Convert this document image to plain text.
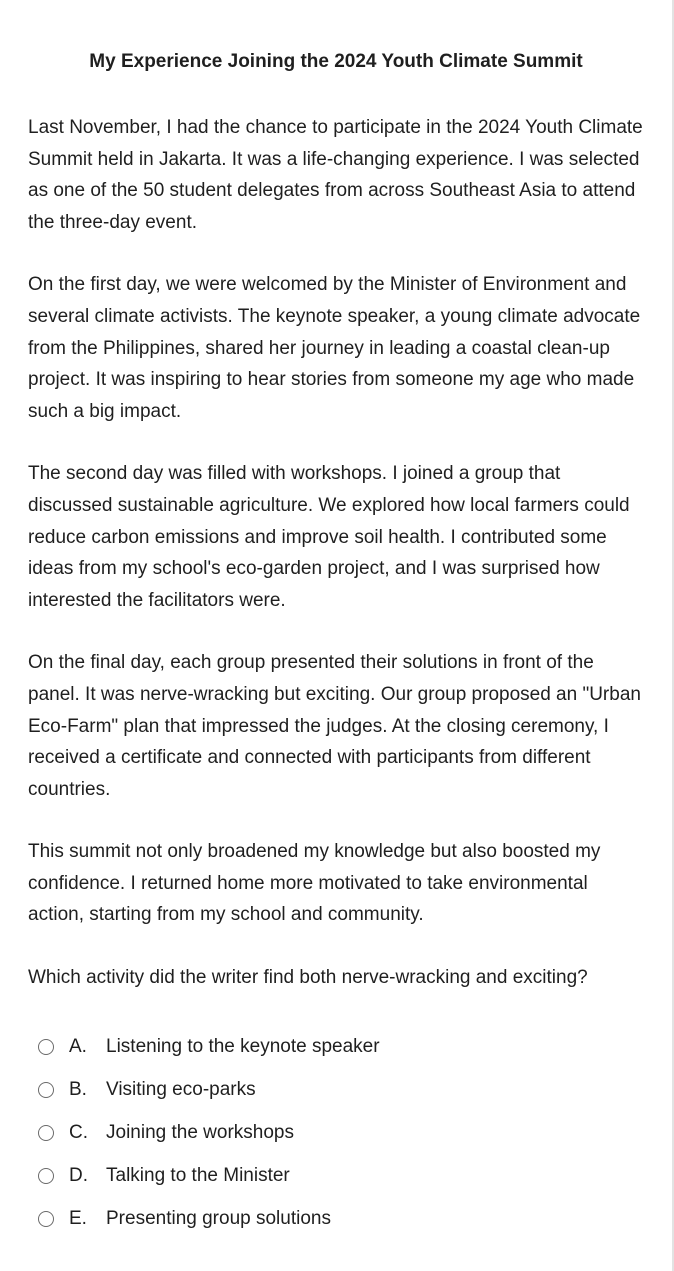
My Experience Joining the 2024 Youth Climate Summit

Last November, I had the chance to participate in the 2024 Youth Climate Summit held in Jakarta. It was a life-changing experience. I was selected as one of the 50 student delegates from across Southeast Asia to attend the three-day event.

On the first day, we were welcomed by the Minister of Environment and several climate activists. The keynote speaker, a young climate advocate from the Philippines, shared her journey in leading a coastal clean-up project. It was inspiring to hear stories from someone my age who made such a big impact.

The second day was filled with workshops. I joined a group that discussed sustainable agriculture. We explored how local farmers could reduce carbon emissions and improve soil health. I contributed some ideas from my school's eco-garden project, and I was surprised how interested the facilitators were.

On the final day, each group presented their solutions in front of the panel. It was nerve-wracking but exciting. Our group proposed an "Urban Eco-Farm" plan that impressed the judges. At the closing ceremony, I received a certificate and connected with participants from different countries.

This summit not only broadened my knowledge but also boosted my confidence. I returned home more motivated to take environmental action, starting from my school and community.

Which activity did the writer find both nerve-wracking and exciting?

A.	Listening to the keynote speaker
B.	Visiting eco-parks
C. Joining the workshops
D. Talking to the Minister
E.	Presenting group solutions
